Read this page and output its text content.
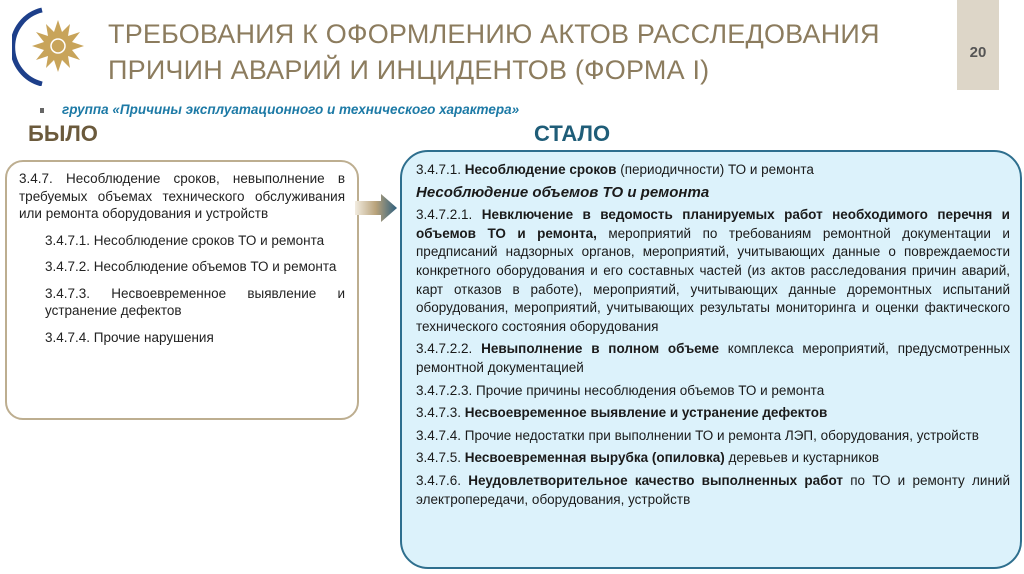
ТРЕБОВАНИЯ К ОФОРМЛЕНИЮ АКТОВ РАССЛЕДОВАНИЯ
ПРИЧИН АВАРИЙ И ИНЦИДЕНТОВ (ФОРМА I)
20
группа «Причины эксплуатационного и технического характера»
БЫЛО	СТАЛО

3.4.7. Несоблюдение сроков, невыполнение в требуемых объемах технического обслуживания или ремонта оборудования и устройств

3.4.7.1. Несоблюдение сроков ТО и ремонта

3.4.7.2. Несоблюдение объемов ТО и ремонта

3.4.7.3. Несвоевременное выявление и устранение дефектов

3.4.7.4. Прочие нарушения

3.4.7.1. Несоблюдение сроков (периодичности) ТО и ремонта

Несоблюдение объемов ТО и ремонта

3.4.7.2.1. Невключение в ведомость планируемых работ необходимого перечня и объемов ТО и ремонта, мероприятий по требованиям ремонтной документации и предписаний надзорных органов, мероприятий, учитывающих данные о повреждаемости конкретного оборудования и его составных частей (из актов расследования причин аварий, карт отказов в работе), мероприятий, учитывающих данные доремонтных испытаний оборудования, мероприятий, учитывающих результаты мониторинга и оценки фактического технического состояния оборудования

3.4.7.2.2. Невыполнение в полном объеме комплекса мероприятий, предусмотренных ремонтной документацией

3.4.7.2.3. Прочие причины несоблюдения объемов ТО и ремонта

3.4.7.3. Несвоевременное выявление и устранение дефектов

3.4.7.4. Прочие недостатки при выполнении ТО и ремонта ЛЭП, оборудования, устройств

3.4.7.5. Несвоевременная вырубка (опиловка) деревьев и кустарников

3.4.7.6. Неудовлетворительное качество выполненных работ по ТО и ремонту линий электропередачи, оборудования, устройств
